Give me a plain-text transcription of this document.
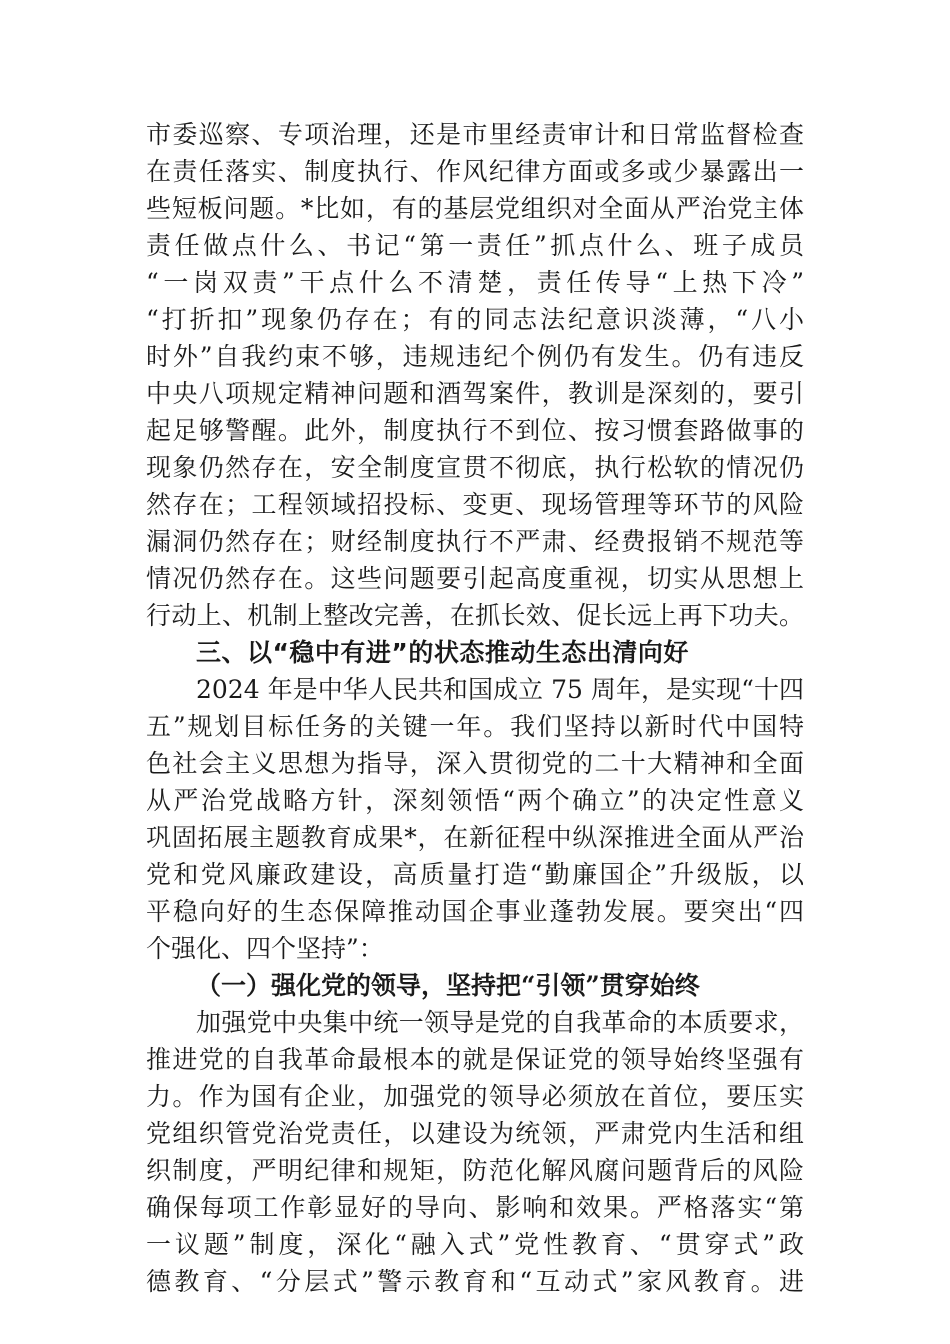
市委巡察、专项治理，还是市里经责审计和日常监督检查
在责任落实、制度执行、作风纪律方面或多或少暴露出一
些短板问题。*比如，有的基层党组织对全面从严治党主体
责任做点什么、书记“第一责任”抓点什么、班子成员
“一岗双责”干点什么不清楚，责任传导“上热下冷”
“打折扣”现象仍存在；有的同志法纪意识淡薄，“八小
时外”自我约束不够，违规违纪个例仍有发生。仍有违反
中央八项规定精神问题和酒驾案件，教训是深刻的，要引
起足够警醒。此外，制度执行不到位、按习惯套路做事的
现象仍然存在，安全制度宣贯不彻底，执行松软的情况仍
然存在；工程领域招投标、变更、现场管理等环节的风险
漏洞仍然存在；财经制度执行不严肃、经费报销不规范等
情况仍然存在。这些问题要引起高度重视，切实从思想上
行动上、机制上整改完善，在抓长效、促长远上再下功夫。
三、以“稳中有进”的状态推动生态出清向好
2024 年是中华人民共和国成立 75 周年，是实现“十四
五”规划目标任务的关键一年。我们坚持以新时代中国特
色社会主义思想为指导，深入贯彻党的二十大精神和全面
从严治党战略方针，深刻领悟“两个确立”的决定性意义
巩固拓展主题教育成果*，在新征程中纵深推进全面从严治
党和党风廉政建设，高质量打造“勤廉国企”升级版，以
平稳向好的生态保障推动国企事业蓬勃发展。要突出“四
个强化、四个坚持”：
（一）强化党的领导，坚持把“引领”贯穿始终
加强党中央集中统一领导是党的自我革命的本质要求，
推进党的自我革命最根本的就是保证党的领导始终坚强有
力。作为国有企业，加强党的领导必须放在首位，要压实
党组织管党治党责任，以建设为统领，严肃党内生活和组
织制度，严明纪律和规矩，防范化解风腐问题背后的风险
确保每项工作彰显好的导向、影响和效果。严格落实“第
一议题”制度，深化“融入式”党性教育、“贯穿式”政
德教育、“分层式”警示教育和“互动式”家风教育。进
